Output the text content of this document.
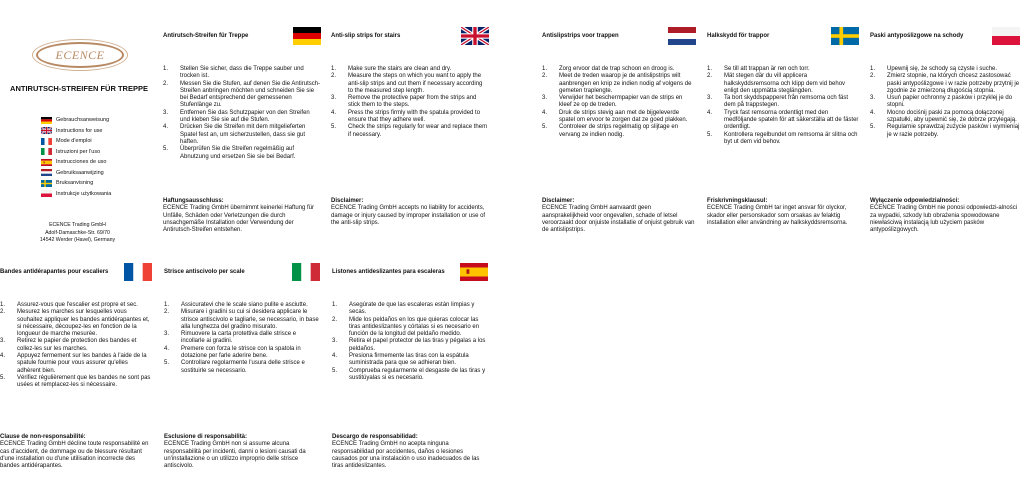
ECENCE
ANTIRUTSCH-STREIFEN FÜR TREPPE
Gebrauchsanweisung
Instructions for use
Mode d'emploi
Istruzioni per l'uso
Instrucciones de uso
Gebruiksaanwijzing
Bruksanvisning
Instrukcje użytkowania
ECENCE Trading GmbH
Adolf-Damaschke-Str. 69/70
14542 Werder (Havel), Germany
Antirutsch-Streifen für Treppe
1.	Stellen Sie sicher, dass die Treppe sauber und trocken ist.
2.	Messen Sie die Stufen, auf denen Sie die Antirutsch-Streifen anbringen möchten und schneiden Sie sie bei Bedarf entsprechend der gemessenen Stufenlänge zu.
3.	Entfernen Sie das Schutzpapier von den Streifen und kleben Sie sie auf die Stufen.
4.	Drücken Sie die Streifen mit dem mitgelieferten Spatel fest an, um sicherzustellen, dass sie gut haften.
5.	Überprüfen Sie die Streifen regelmäßig auf Abnutzung und ersetzen Sie sie bei Bedarf.
Haftungsausschluss:
ECENCE Trading GmbH übernimmt keinerlei Haftung für Unfälle, Schäden oder Verletzungen die durch unsachgemäße Installation oder Verwendung der Antirutsch-Streifen entstehen.
Anti-slip strips for stairs
1.	Make sure the stairs are clean and dry.
2.	Measure the steps on which you want to apply the anti-slip strips and cut them if necessary according to the measured step length.
3.	Remove the protective paper from the strips and stick them to the steps.
4.	Press the strips firmly with the spatula provided to ensure that they adhere well.
5.	Check the strips regularly for wear and replace them if necessary.
Disclaimer:
ECENCE Trading GmbH accepts no liability for accidents, damage or injury caused by improper installation or use of the anti-slip strips.
Antislipstrips voor trappen
1.	Zorg ervoor dat de trap schoon en droog is.
2.	Meet de treden waarop je de antislipstrips wilt aanbrengen en knip ze indien nodig af volgens de gemeten traplengte.
3.	Verwijder het beschermpapier van de strips en kleef ze op de treden.
4.	Druk de strips stevig aan met de bijgeleverde spatel om ervoor te zorgen dat ze goed plakken.
5.	Controleer de strips regelmatig op slijtage en vervang ze indien nodig.
Disclaimer:
ECENCE Trading GmbH aanvaardt geen aansprakelijkheid voor ongevallen, schade of letsel veroorzaakt door onjuiste installatie of onjuist gebruik van de antislipstrips.
Halkskydd för trappor
1.	Se till att trappan är ren och torr.
2.	Mät stegen där du vill applicera halkskyddsremsorna och klipp dem vid behov enligt den uppmätta steglängden.
3.	Ta bort skyddspapperet från remsorna och fäst dem på trappstegen.
4.	Tryck fast remsorna ordentligt med den medföljande spateln för att säkerställa att de fäster ordentligt.
5.	Kontrollera regelbundet om remsorna är slitna och byt ut dem vid behov.
Friskrivningsklausul:
ECENCE Trading GmbH tar inget ansvar för olyckor, skador eller personskador som orsakas av felaktig installation eller användning av halkskyddsremsorna.
Paski antypoślizgowe na schody
1.	Upewnij się, że schody są czyste i suche.
2.	Zmierz stopnie, na których chcesz zastosować paski antypoślizgowe i w razie potrzeby przytnij je zgodnie ze zmierzoną długością stopnia.
3.	Usuń papier ochronny z pasków i przyklej je do stopni.
4.	Mocno dociśnij paski za pomocą dołączonej szpatułki, aby upewnić się, że dobrze przylegają.
5.	Regularnie sprawdzaj zużycie pasków i wymieniaj je w razie potrzeby.
Wyłączenie odpowiedzialności:
ECENCE Trading GmbH nie ponosi odpowiedzi-alności za wypadki, szkody lub obrażenia spowodowane niewłaściwą instalacją lub użyciem pasków antypoślizgowych.
Bandes antidérapantes pour escaliers
1.	Assurez-vous que l'escalier est propre et sec.
2.	Mesurez les marches sur lesquelles vous souhaitez appliquer les bandes antidérapantes et, si nécessaire, découpez-les en fonction de la longueur de marche mesurée.
3.	Retirez le papier de protection des bandes et collez-les sur les marches.
4.	Appuyez fermement sur les bandes à l'aide de la spatule fournie pour vous assurer qu'elles adhèrent bien.
5.	Vérifiez régulièrement que les bandes ne sont pas usées et remplacez-les si nécessaire.
Clause de non-responsabilité:
ECENCE Trading GmbH décline toute responsabilité en cas d'accident, de dommage ou de blessure résultant d'une installation ou d'une utilisation incorrecte des bandes antidérapantes.
Strisce antiscivolo per scale
1.	Assicuratevi che le scale siano pulite e asciutte.
2.	Misurare i gradini su cui si desidera applicare le strisce antiscivolo e tagliarle, se necessario, in base alla lunghezza del gradino misurato.
3.	Rimuovere la carta protettiva dalle strisce e incollarle ai gradini.
4.	Premere con forza le strisce con la spatola in dotazione per farle aderire bene.
5.	Controllare regolarmente l'usura delle strisce e sostituirle se necessario.
Esclusione di responsabilità:
ECENCE Trading GmbH non si assume alcuna responsabilità per incidenti, danni o lesioni causati da un'installazione o un utilizzo improprio delle strisce antiscivolo.
Listones antideslizantes para escaleras
1.	Asegúrate de que las escaleras están limpias y secas.
2.	Mide los peldaños en los que quieras colocar las tiras antideslizantes y córtalas si es necesario en función de la longitud del peldaño medido.
3.	Retira el papel protector de las tiras y pégalas a los peldaños.
4.	Presiona firmemente las tiras con la espátula suministrada para que se adhieran bien.
5.	Comprueba regularmente el desgaste de las tiras y sustitúyalas si es necesario.
Descargo de responsabilidad:
ECENCE Trading GmbH no acepta ninguna responsabilidad por accidentes, daños o lesiones causados por una instalación o uso inadecuados de las tiras antideslizantes.
